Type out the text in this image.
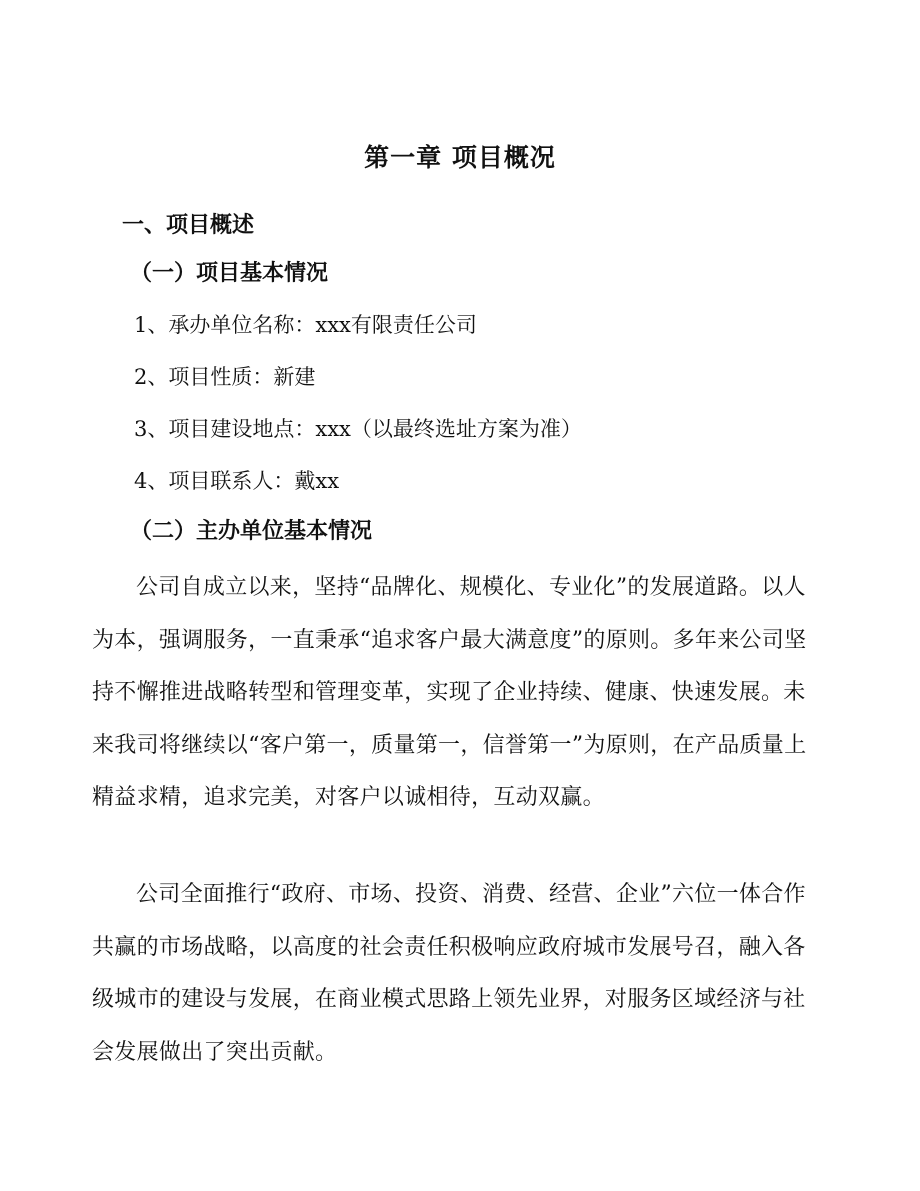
第一章 项目概况
一、项目概述
（一）项目基本情况
1、承办单位名称：xxx有限责任公司
2、项目性质：新建
3、项目建设地点：xxx（以最终选址方案为准）
4、项目联系人：戴xx
（二）主办单位基本情况
公司自成立以来，坚持“品牌化、规模化、专业化”的发展道路。以人为本，强调服务，一直秉承“追求客户最大满意度”的原则。多年来公司坚持不懈推进战略转型和管理变革，实现了企业持续、健康、快速发展。未来我司将继续以“客户第一，质量第一，信誉第一”为原则，在产品质量上精益求精，追求完美，对客户以诚相待，互动双赢。
公司全面推行“政府、市场、投资、消费、经营、企业”六位一体合作共赢的市场战略，以高度的社会责任积极响应政府城市发展号召，融入各级城市的建设与发展，在商业模式思路上领先业界，对服务区域经济与社会发展做出了突出贡献。
